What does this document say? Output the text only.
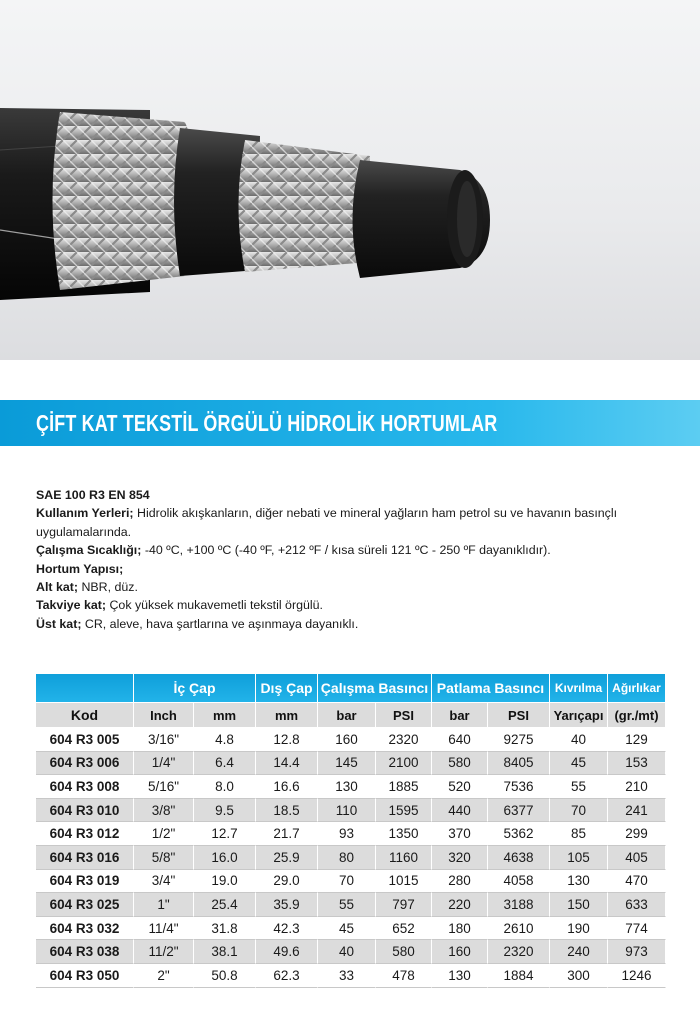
ÇİFT KAT TEKSTİL ÖRGÜLÜ HİDROLİK HORTUMLAR

SAE 100 R3 EN 854

Kullanım Yerleri; Hidrolik akışkanların, diğer nebati ve mineral yağların ham petrol su ve havanın basınçlı uygulamalarında.

Çalışma Sıcaklığı; -40 ºC, +100 ºC (-40 ºF, +212 ºF / kısa süreli 121 ºC - 250 ºF dayanıklıdır).

Hortum Yapısı;

Alt kat; NBR, düz.

Takviye kat; Çok yüksek mukavemetli tekstil örgülü.

Üst kat; CR, aleve, hava şartlarına ve aşınmaya dayanıklı.

	İç Çap		Dış Çap	Çalışma Basıncı		Patlama Basıncı		Kıvrılma	Ağırlıkar
Kod	Inch	mm	mm	bar	PSI	bar	PSI	Yarıçapı	(gr./mt)
604 R3 005	3/16"	4.8	12.8	160	2320	640	9275	40	129
604 R3 006	1/4"	6.4	14.4	145	2100	580	8405	45	153
604 R3 008	5/16"	8.0	16.6	130	1885	520	7536	55	210
604 R3 010	3/8"	9.5	18.5	110	1595	440	6377	70	241
604 R3 012	1/2"	12.7	21.7	93	1350	370	5362	85	299
604 R3 016	5/8"	16.0	25.9	80	1160	320	4638	105	405
604 R3 019	3/4"	19.0	29.0	70	1015	280	4058	130	470
604 R3 025	1"	25.4	35.9	55	797	220	3188	150	633
604 R3 032	11/4"	31.8	42.3	45	652	180	2610	190	774
604 R3 038	11/2"	38.1	49.6	40	580	160	2320	240	973
604 R3 050	2"	50.8	62.3	33	478	130	1884	300	1246
